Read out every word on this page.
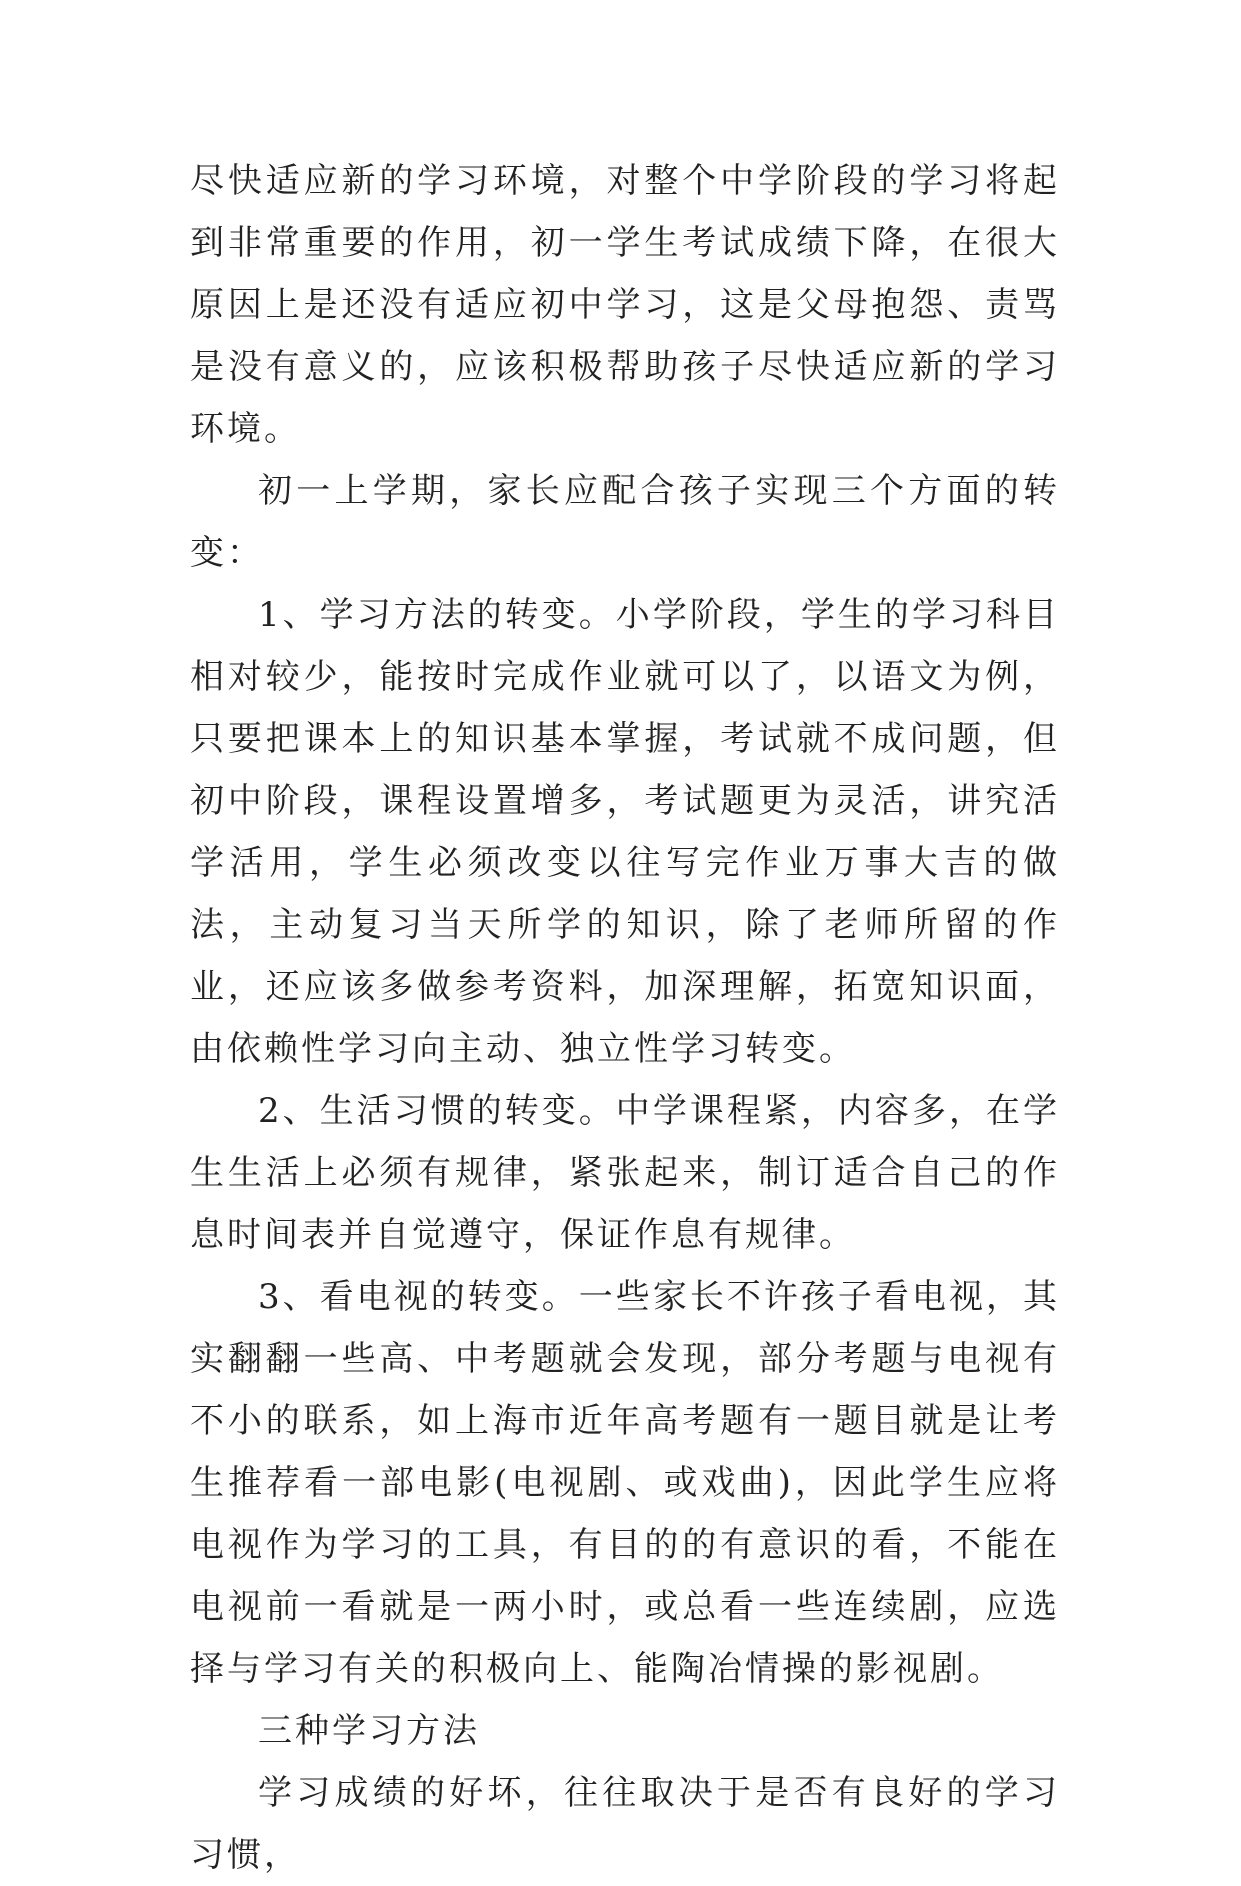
尽快适应新的学习环境，对整个中学阶段的学习将起到非常重要的作用，初一学生考试成绩下降，在很大原因上是还没有适应初中学习，这是父母抱怨、责骂是没有意义的，应该积极帮助孩子尽快适应新的学习环境。

初一上学期，家长应配合孩子实现三个方面的转变：

1、学习方法的转变。小学阶段，学生的学习科目相对较少，能按时完成作业就可以了，以语文为例，只要把课本上的知识基本掌握，考试就不成问题，但初中阶段，课程设置增多，考试题更为灵活，讲究活学活用，学生必须改变以往写完作业万事大吉的做法，主动复习当天所学的知识，除了老师所留的作业，还应该多做参考资料，加深理解，拓宽知识面，由依赖性学习向主动、独立性学习转变。

2、生活习惯的转变。中学课程紧，内容多，在学生生活上必须有规律，紧张起来，制订适合自己的作息时间表并自觉遵守，保证作息有规律。

3、看电视的转变。一些家长不许孩子看电视，其实翻翻一些高、中考题就会发现，部分考题与电视有不小的联系，如上海市近年高考题有一题目就是让考生推荐看一部电影(电视剧、或戏曲)，因此学生应将电视作为学习的工具，有目的的有意识的看，不能在电视前一看就是一两小时，或总看一些连续剧，应选择与学习有关的积极向上、能陶冶情操的影视剧。

三种学习方法

学习成绩的好坏，往往取决于是否有良好的学习习惯，
